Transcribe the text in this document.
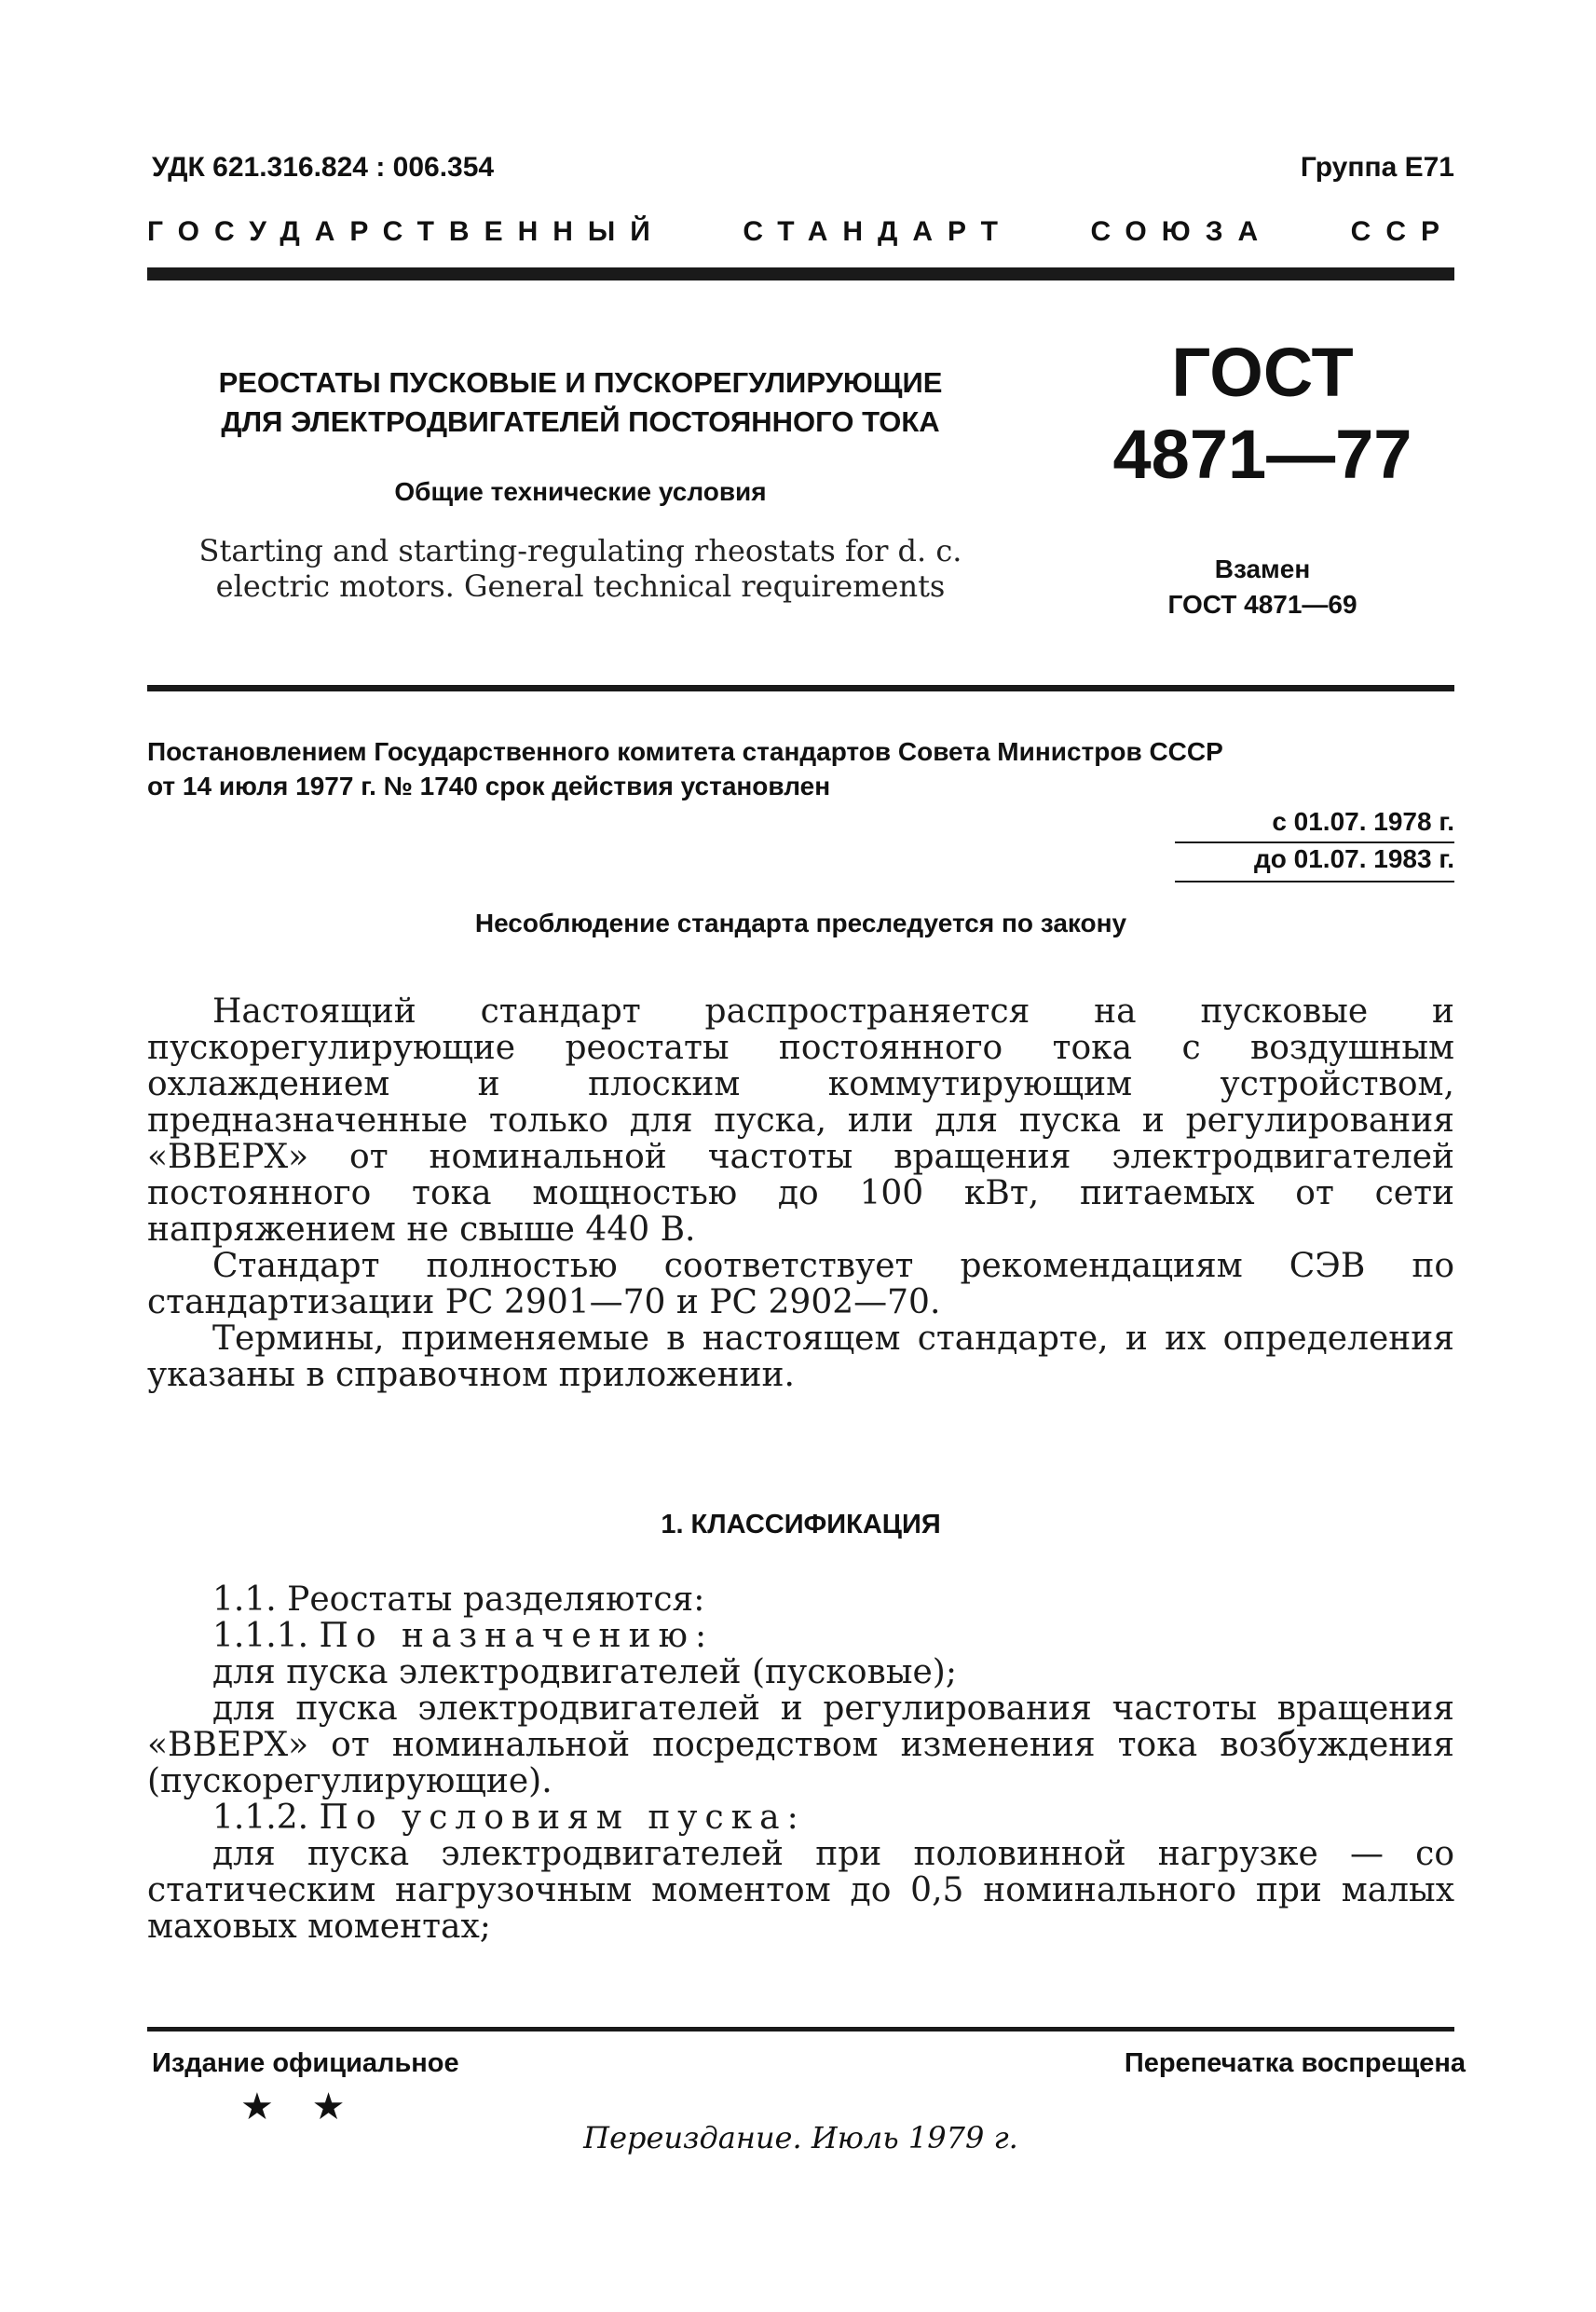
УДК 621.316.824 : 006.354	Группа Е71
ГОСУДАРСТВЕННЫЙ СТАНДАРТ СОЮЗА ССР
РЕОСТАТЫ ПУСКОВЫЕ И ПУСКОРЕГУЛИРУЮЩИЕ
ДЛЯ ЭЛЕКТРОДВИГАТЕЛЕЙ ПОСТОЯННОГО ТОКА
Общие технические условия
Starting and starting-regulating rheostats for d. c.
electric motors. General technical requirements
ГОСТ
4871—77
Взамен
ГОСТ 4871—69
Постановлением Государственного комитета стандартов Совета Министров СССР
от 14 июля 1977 г. № 1740 срок действия установлен
с 01.07. 1978 г.
до 01.07. 1983 г.
Несоблюдение стандарта преследуется по закону

Настоящий стандарт распространяется на пусковые и пускорегулирующие реостаты постоянного тока с воздушным охлаждением и плоским коммутирующим устройством, предназначенные только для пуска, или для пуска и регулирования «ВВЕРХ» от номинальной частоты вращения электродвигателей постоянного тока мощностью до 100 кВт, питаемых от сети напряжением не свыше 440 В.

Стандарт полностью соответствует рекомендациям СЭВ по стандартизации РС 2901—70 и РС 2902—70.

Термины, применяемые в настоящем стандарте, и их определения указаны в справочном приложении.

1. КЛАССИФИКАЦИЯ

1.1. Реостаты разделяются:

1.1.1. По назначению:

для пуска электродвигателей (пусковые);

для пуска электродвигателей и регулирования частоты вращения «ВВЕРХ» от номинальной посредством изменения тока возбуждения (пускорегулирующие).

1.1.2. По условиям пуска:

для пуска электродвигателей при половинной нагрузке — со статическим нагрузочным моментом до 0,5 номинального при малых маховых моментах;

Издание официальное
★ ★
Перепечатка воспрещена
Переиздание. Июль 1979 г.
